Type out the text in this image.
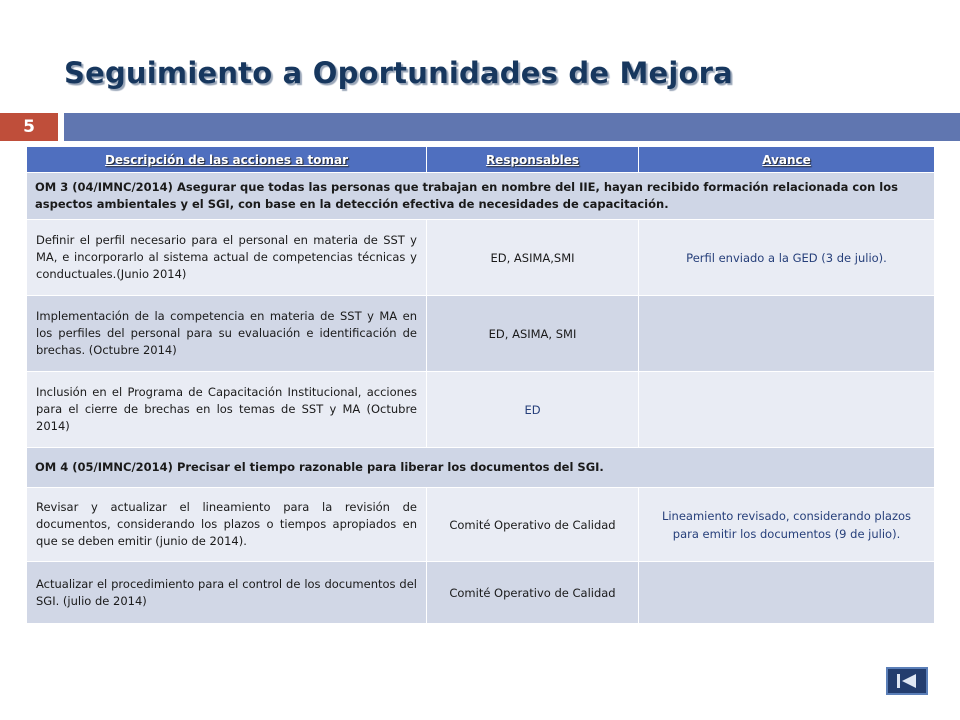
Seguimiento a Oportunidades de Mejora
5
Descripción de las acciones a tomar	Responsables	Avance
OM 3 (04/IMNC/2014) Asegurar que todas las personas que trabajan en nombre del IIE, hayan recibido formación relacionada con los aspectos ambientales y el SGI, con base en la detección efectiva de necesidades de capacitación.		
Definir el perfil necesario para el personal en materia de SST y MA, e incorporarlo al sistema actual de competencias técnicas y conductuales.(Junio 2014)	ED, ASIMA,SMI	Perfil enviado a la GED (3 de julio).
Implementación de la competencia en materia de SST y MA en los perfiles del personal para su evaluación e identificación de brechas. (Octubre 2014)	ED, ASIMA, SMI	
Inclusión en el Programa de Capacitación Institucional, acciones para el cierre de brechas en los temas de SST y MA (Octubre 2014)	ED	
OM 4 (05/IMNC/2014) Precisar el tiempo razonable para liberar los documentos del SGI.		
Revisar y actualizar el lineamiento para la revisión de documentos, considerando los plazos o tiempos apropiados en que se deben emitir (junio de 2014).	Comité Operativo de Calidad	Lineamiento revisado, considerando plazos para emitir los documentos (9 de julio).
Actualizar el procedimiento para el control de los documentos del SGI. (julio de 2014)	Comité Operativo de Calidad	
